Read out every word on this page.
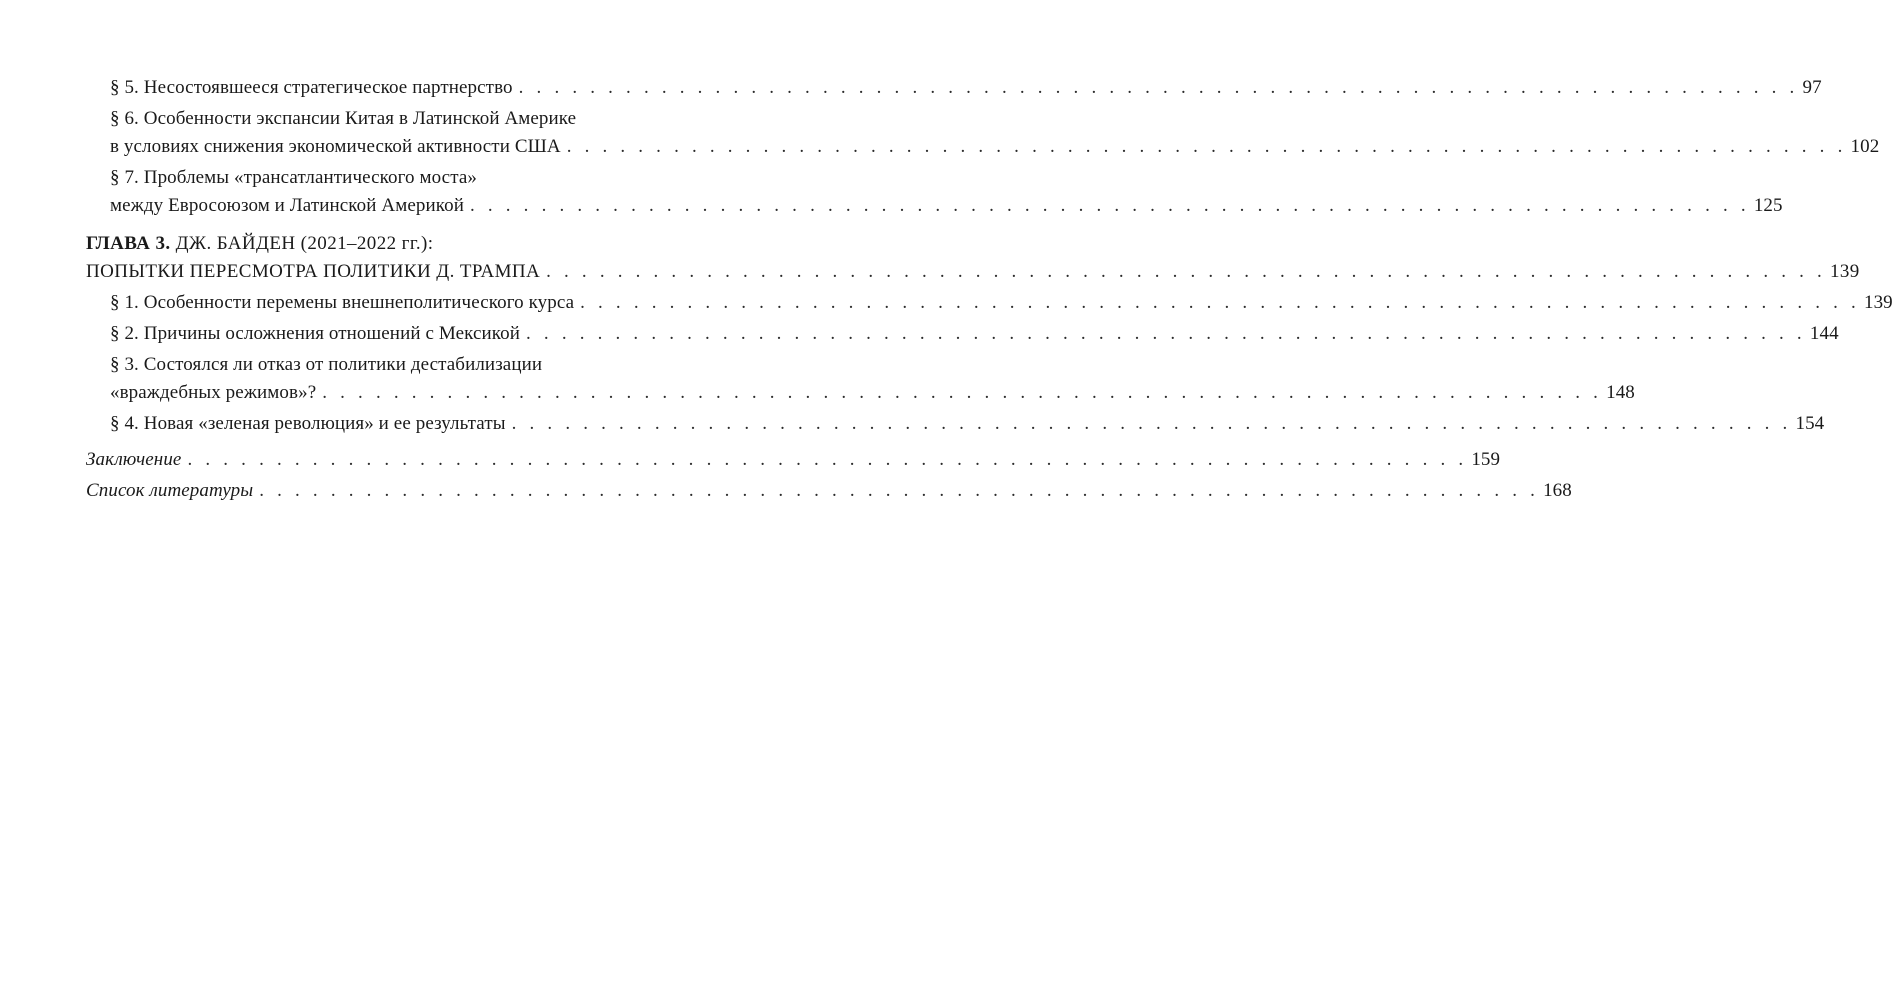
§ 5. Несостоявшееся стратегическое партнерство . . . . . . . . . . . . . . . . . . . . . . . . . . . . . . . . . . . . . . . . . . . . . . . . . . . . . . . . . . . . . . . . . . . . . . . . 97
§ 6. Особенности экспансии Китая в Латинской Америке
в условиях снижения экономической активности США . . . . . . . . . . . . . . . . . . . . . . . . . . . . . . . . . . . . . . . . . . . . . . . . . . . . . . . . . . . . . . . . . . . . . . . . 102
§ 7. Проблемы «трансатлантического моста»
между Евросоюзом и Латинской Америкой . . . . . . . . . . . . . . . . . . . . . . . . . . . . . . . . . . . . . . . . . . . . . . . . . . . . . . . . . . . . . . . . . . . . . . . . 125
ГЛАВА 3. ДЖ. БАЙДЕН (2021–2022 гг.):
ПОПЫТКИ ПЕРЕСМОТРА ПОЛИТИКИ Д. ТРАМПА . . . . . . . . . . . . . . . . . . . . . . . . . . . . . . . . . . . . . . . . . . . . . . . . . . . . . . . . . . . . . . . . . . . . . . . . 139
§ 1. Особенности перемены внешнеполитического курса . . . . . . . . . . . . . . . . . . . . . . . . . . . . . . . . . . . . . . . . . . . . . . . . . . . . . . . . . . . . . . . . . . . . . . . . 139
§ 2. Причины осложнения отношений с Мексикой . . . . . . . . . . . . . . . . . . . . . . . . . . . . . . . . . . . . . . . . . . . . . . . . . . . . . . . . . . . . . . . . . . . . . . . . 144
§ 3. Состоялся ли отказ от политики дестабилизации
«враждебных режимов»? . . . . . . . . . . . . . . . . . . . . . . . . . . . . . . . . . . . . . . . . . . . . . . . . . . . . . . . . . . . . . . . . . . . . . . . . 148
§ 4. Новая «зеленая революция» и ее результаты . . . . . . . . . . . . . . . . . . . . . . . . . . . . . . . . . . . . . . . . . . . . . . . . . . . . . . . . . . . . . . . . . . . . . . . . 154
Заключение . . . . . . . . . . . . . . . . . . . . . . . . . . . . . . . . . . . . . . . . . . . . . . . . . . . . . . . . . . . . . . . . . . . . . . . . 159
Список литературы . . . . . . . . . . . . . . . . . . . . . . . . . . . . . . . . . . . . . . . . . . . . . . . . . . . . . . . . . . . . . . . . . . . . . . . . 168
